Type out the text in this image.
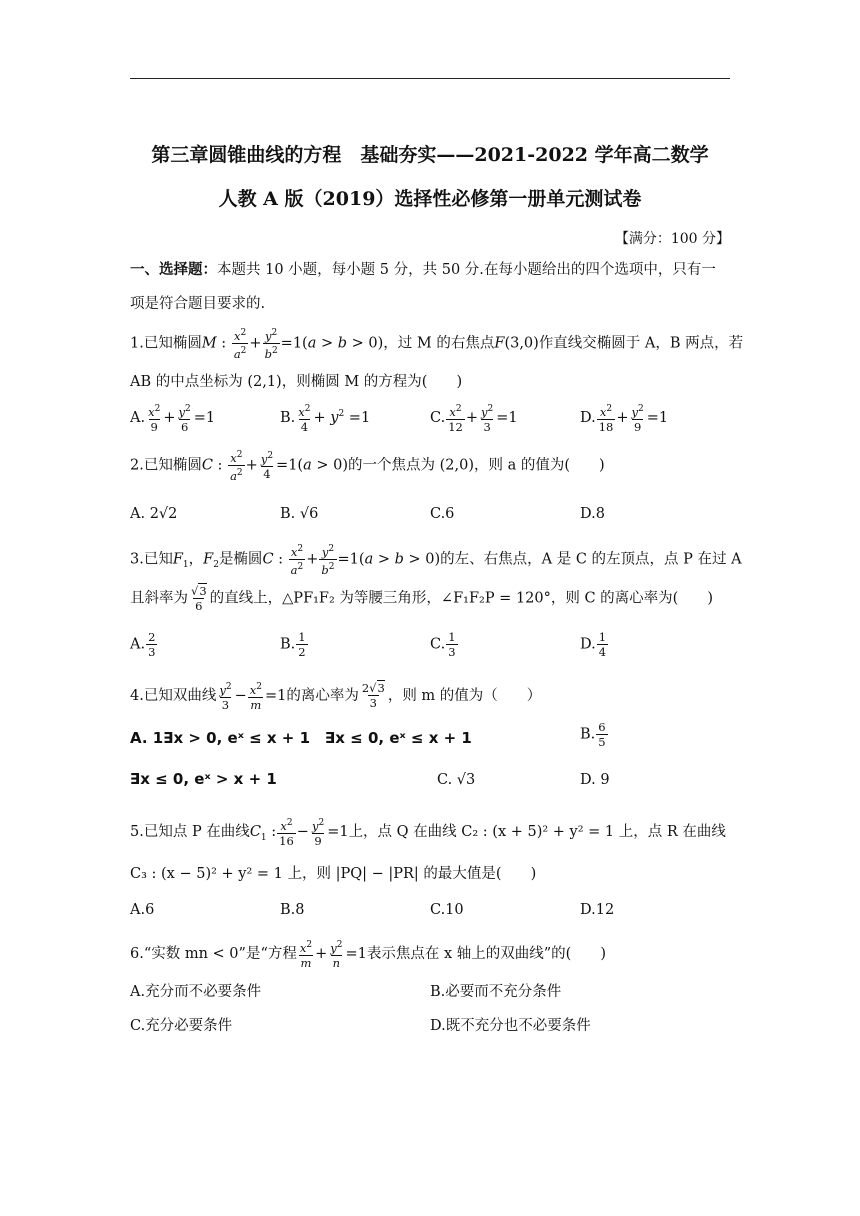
第三章圆锥曲线的方程　基础夯实——2021-2022 学年高二数学
人教 A 版（2019）选择性必修第一册单元测试卷
【满分：100 分】
一、选择题：本题共 10 小题，每小题 5 分，共 50 分.在每小题给出的四个选项中，只有一
项是符合题目要求的.
1.已知椭圆M : $\frac{x^2}{a^2} + \frac{y^2}{b^2} =1(a > b > 0)$，过 M 的右焦点F(3,0)作直线交椭圆于 A，B 两点，若
AB 的中点坐标为 (2,1)，则椭圆 M 的方程为(　　)
A. $\frac{x^2}{9} + \frac{y^2}{6} =1$	B. $\frac{x^2}{4} + y^2 =1$	C. $\frac{x^2}{12} + \frac{y^2}{3} =1$	D. $\frac{x^2}{18} + \frac{y^2}{9} =1$
2.已知椭圆C : $\frac{x^2}{a^2} + \frac{y^2}{4} =1(a > 0)$的一个焦点为 (2,0)，则 a 的值为(　　)
A. 2√2	B. √6	C.6	D.8
3.已知$F_1$，$F_2$是椭圆C : $\frac{x^2}{a^2} + \frac{y^2}{b^2} =1(a > b > 0)$的左、右焦点，A 是 C 的左顶点，点 P 在过 A
且斜率为 $\frac{√3}{6}$ 的直线上，△PF₁F₂ 为等腰三角形，∠F₁F₂P = 120°，则 C 的离心率为(　　)
A. $\frac{2}{3}$	B. $\frac{1}{2}$	C. $\frac{1}{3}$	D. $\frac{1}{4}$
4.已知双曲线 $\frac{y^2}{3} - \frac{x^2}{m} =1$的离心率为 $\frac{2√3}{3}$ ，则 m 的值为（　　）
A. 1∃x > 0, eˣ ≤ x + 1　∃x ≤ 0, eˣ ≤ x + 1	B. $\frac{6}{5}$
∃x ≤ 0, eˣ > x + 1	C. √3	D. 9
5.已知点 P 在曲线$C_1$ : $\frac{x^2}{16} - \frac{y^2}{9} =1$上，点 Q 在曲线 C₂ : (x + 5)² + y² = 1 上，点 R 在曲线
C₃ : (x − 5)² + y² = 1 上，则 |PQ| − |PR| 的最大值是(　　)
A.6	B.8	C.10	D.12
6.“实数 mn < 0”是“方程 $\frac{x^2}{m} + \frac{y^2}{n} =1$表示焦点在 x 轴上的双曲线”的(　　)
A.充分而不必要条件	B.必要而不充分条件
C.充分必要条件	D.既不充分也不必要条件
